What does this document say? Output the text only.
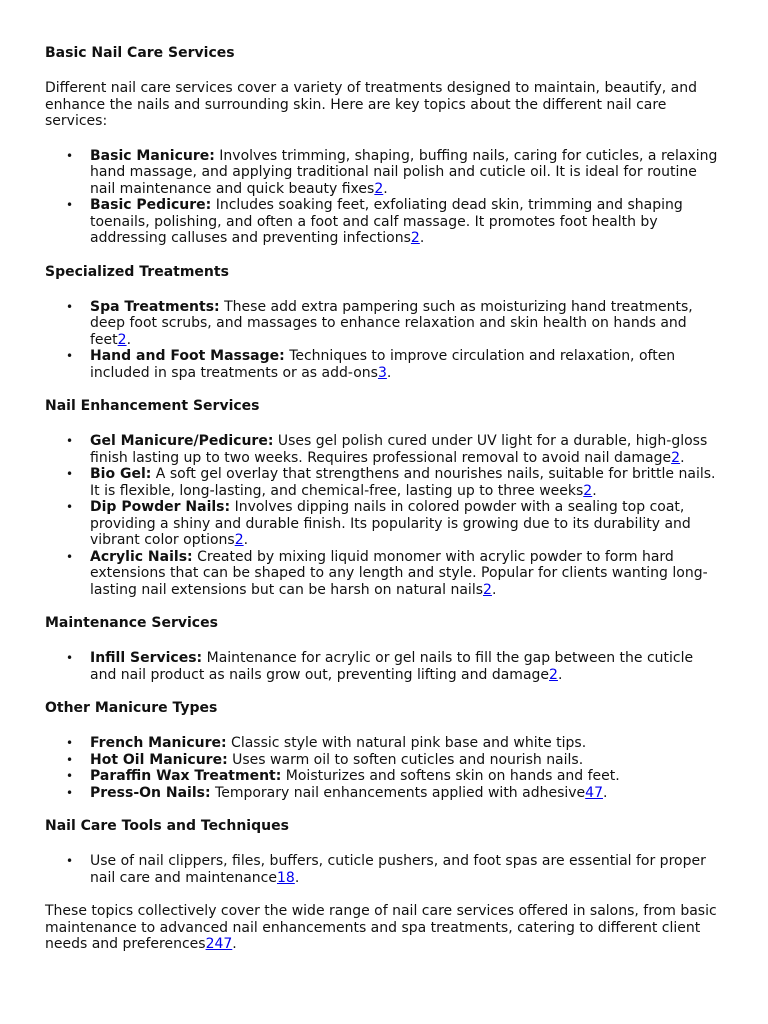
Basic Nail Care Services

Different nail care services cover a variety of treatments designed to maintain, beautify, and enhance the nails and surrounding skin. Here are key topics about the different nail care services:

• Basic Manicure: Involves trimming, shaping, buffing nails, caring for cuticles, a relaxing hand massage, and applying traditional nail polish and cuticle oil. It is ideal for routine nail maintenance and quick beauty fixes2.
• Basic Pedicure: Includes soaking feet, exfoliating dead skin, trimming and shaping toenails, polishing, and often a foot and calf massage. It promotes foot health by addressing calluses and preventing infections2.
Specialized Treatments
• Spa Treatments: These add extra pampering such as moisturizing hand treatments, deep foot scrubs, and massages to enhance relaxation and skin health on hands and feet2.
• Hand and Foot Massage: Techniques to improve circulation and relaxation, often included in spa treatments or as add-ons3.
Nail Enhancement Services
• Gel Manicure/Pedicure: Uses gel polish cured under UV light for a durable, high-gloss finish lasting up to two weeks. Requires professional removal to avoid nail damage2.
• Bio Gel: A soft gel overlay that strengthens and nourishes nails, suitable for brittle nails. It is flexible, long-lasting, and chemical-free, lasting up to three weeks2.
• Dip Powder Nails: Involves dipping nails in colored powder with a sealing top coat, providing a shiny and durable finish. Its popularity is growing due to its durability and vibrant color options2.
• Acrylic Nails: Created by mixing liquid monomer with acrylic powder to form hard extensions that can be shaped to any length and style. Popular for clients wanting long-lasting nail extensions but can be harsh on natural nails2.
Maintenance Services
• Infill Services: Maintenance for acrylic or gel nails to fill the gap between the cuticle and nail product as nails grow out, preventing lifting and damage2.
Other Manicure Types
• French Manicure: Classic style with natural pink base and white tips.
• Hot Oil Manicure: Uses warm oil to soften cuticles and nourish nails.
• Paraffin Wax Treatment: Moisturizes and softens skin on hands and feet.
• Press-On Nails: Temporary nail enhancements applied with adhesive47.
Nail Care Tools and Techniques
• Use of nail clippers, files, buffers, cuticle pushers, and foot spas are essential for proper nail care and maintenance18.

These topics collectively cover the wide range of nail care services offered in salons, from basic maintenance to advanced nail enhancements and spa treatments, catering to different client needs and preferences247.
